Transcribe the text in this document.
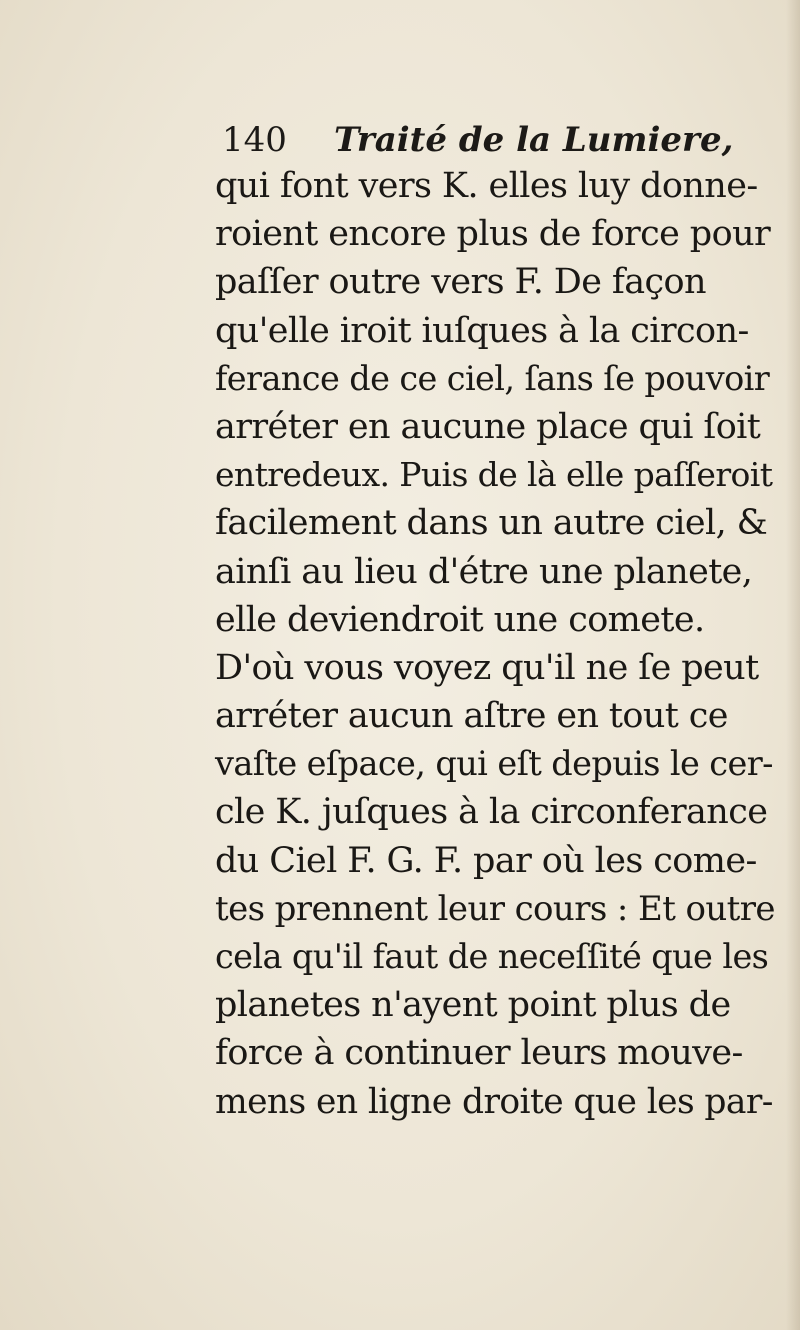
140 Traité de la Lumiere,
qui font vers K. elles luy donne-
roient encore plus de force pour
paſſer outre vers F. De façon
qu'elle iroit iuſques à la circon-
ferance de ce ciel, ſans ſe pouvoir
arréter en aucune place qui ſoit
entredeux. Puis de là elle paſſeroit
facilement dans un autre ciel, &
ainſi au lieu d'étre une planete,
elle deviendroit une comete.
D'où vous voyez qu'il ne ſe peut
arréter aucun aſtre en tout ce
vaſte eſpace, qui eſt depuis le cer-
cle K. juſques à la circonferance
du Ciel F. G. F. par où les come-
tes prennent leur cours : Et outre
cela qu'il faut de neceſſité que les
planetes n'ayent point plus de
force à continuer leurs mouve-
mens en ligne droite que les par-
